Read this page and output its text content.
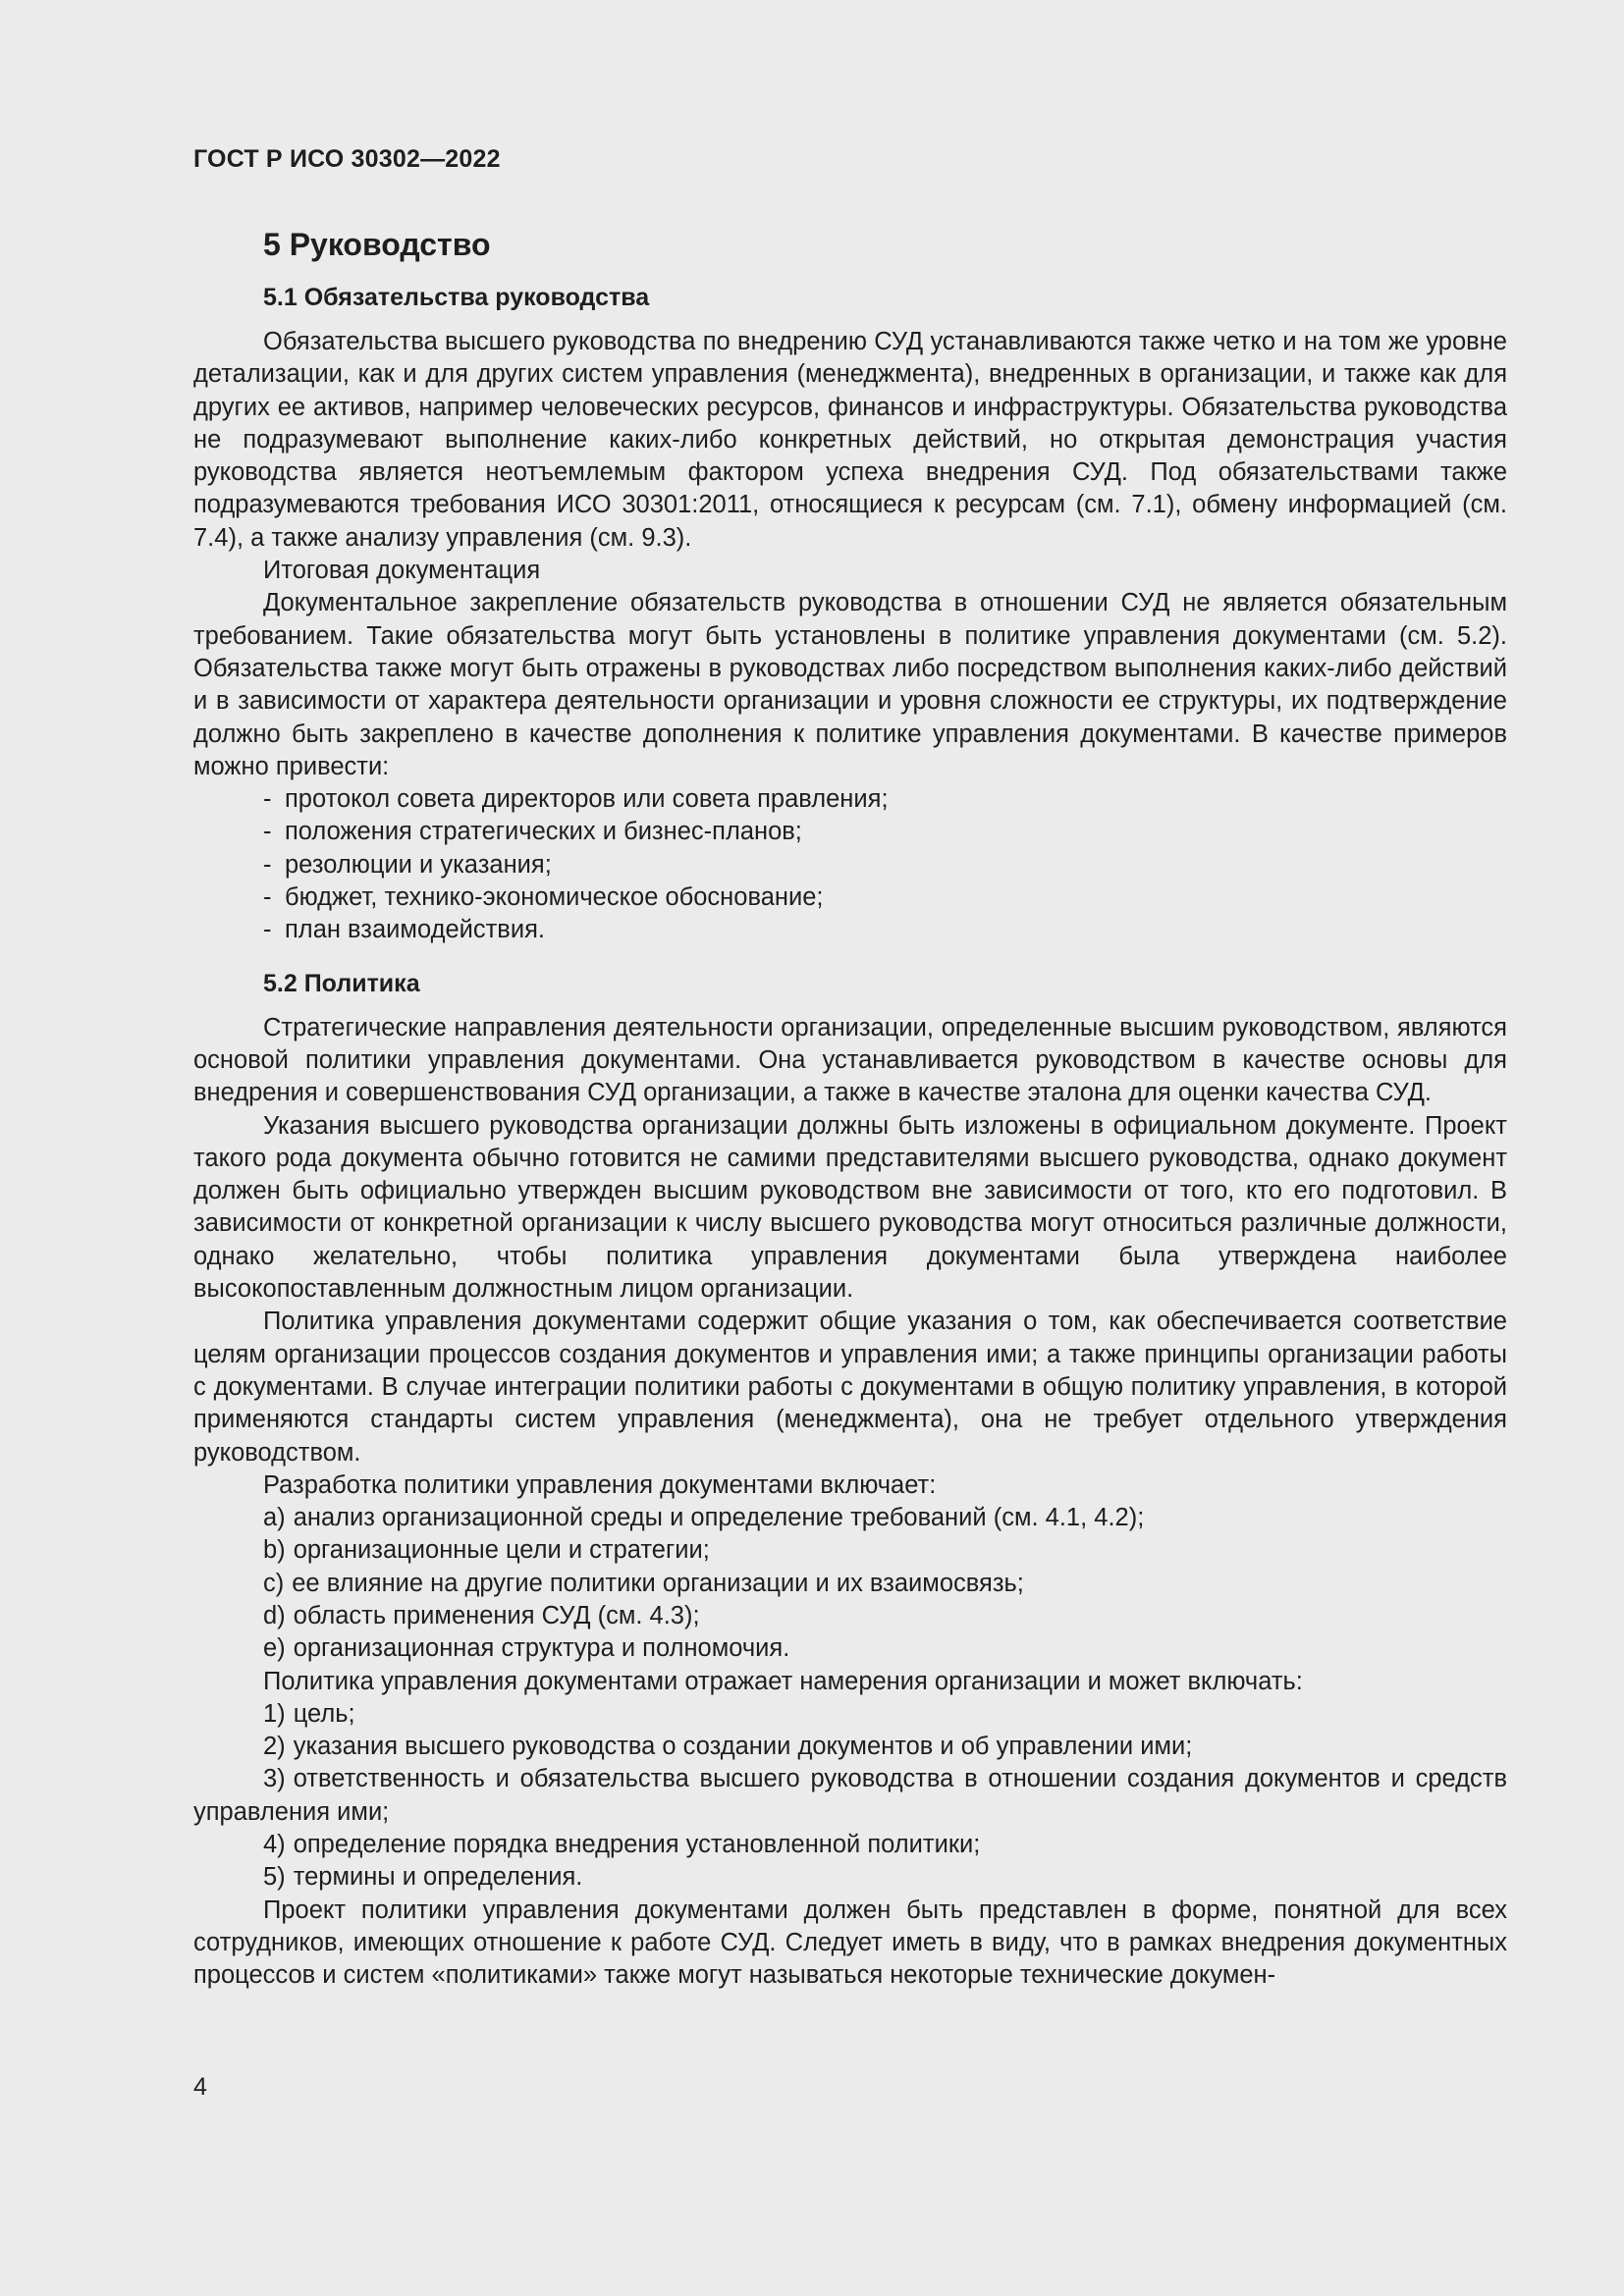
ГОСТ Р ИСО 30302—2022
5 Руководство
5.1 Обязательства руководства

Обязательства высшего руководства по внедрению СУД устанавливаются также четко и на том же уровне детализации, как и для других систем управления (менеджмента), внедренных в организации, и также как для других ее активов, например человеческих ресурсов, финансов и инфраструктуры. Обязательства руководства не подразумевают выполнение каких-либо конкретных действий, но открытая демонстрация участия руководства является неотъемлемым фактором успеха внедрения СУД. Под обязательствами также подразумеваются требования ИСО 30301:2011, относящиеся к ресурсам (см. 7.1), обмену информацией (см. 7.4), а также анализу управления (см. 9.3).

Итоговая документация

Документальное закрепление обязательств руководства в отношении СУД не является обязательным требованием. Такие обязательства могут быть установлены в политике управления документами (см. 5.2). Обязательства также могут быть отражены в руководствах либо посредством выполнения каких-либо действий и в зависимости от характера деятельности организации и уровня сложности ее структуры, их подтверждение должно быть закреплено в качестве дополнения к политике управления документами. В качестве примеров можно привести:

- протокол совета директоров или совета правления;

- положения стратегических и бизнес-планов;

- резолюции и указания;

- бюджет, технико-экономическое обоснование;

- план взаимодействия.

5.2 Политика

Стратегические направления деятельности организации, определенные высшим руководством, являются основой политики управления документами. Она устанавливается руководством в качестве основы для внедрения и совершенствования СУД организации, а также в качестве эталона для оценки качества СУД.

Указания высшего руководства организации должны быть изложены в официальном документе. Проект такого рода документа обычно готовится не самими представителями высшего руководства, однако документ должен быть официально утвержден высшим руководством вне зависимости от того, кто его подготовил. В зависимости от конкретной организации к числу высшего руководства могут относиться различные должности, однако желательно, чтобы политика управления документами была утверждена наиболее высокопоставленным должностным лицом организации.

Политика управления документами содержит общие указания о том, как обеспечивается соответствие целям организации процессов создания документов и управления ими; а также принципы организации работы с документами. В случае интеграции политики работы с документами в общую политику управления, в которой применяются стандарты систем управления (менеджмента), она не требует отдельного утверждения руководством.

Разработка политики управления документами включает:

a) анализ организационной среды и определение требований (см. 4.1, 4.2);

b) организационные цели и стратегии;

c) ее влияние на другие политики организации и их взаимосвязь;

d) область применения СУД (см. 4.3);

e) организационная структура и полномочия.

Политика управления документами отражает намерения организации и может включать:

1) цель;

2) указания высшего руководства о создании документов и об управлении ими;

3) ответственность и обязательства высшего руководства в отношении создания документов и средств управления ими;

4) определение порядка внедрения установленной политики;

5) термины и определения.

Проект политики управления документами должен быть представлен в форме, понятной для всех сотрудников, имеющих отношение к работе СУД. Следует иметь в виду, что в рамках внедрения документных процессов и систем «политиками» также могут называться некоторые технические докумен-

4
